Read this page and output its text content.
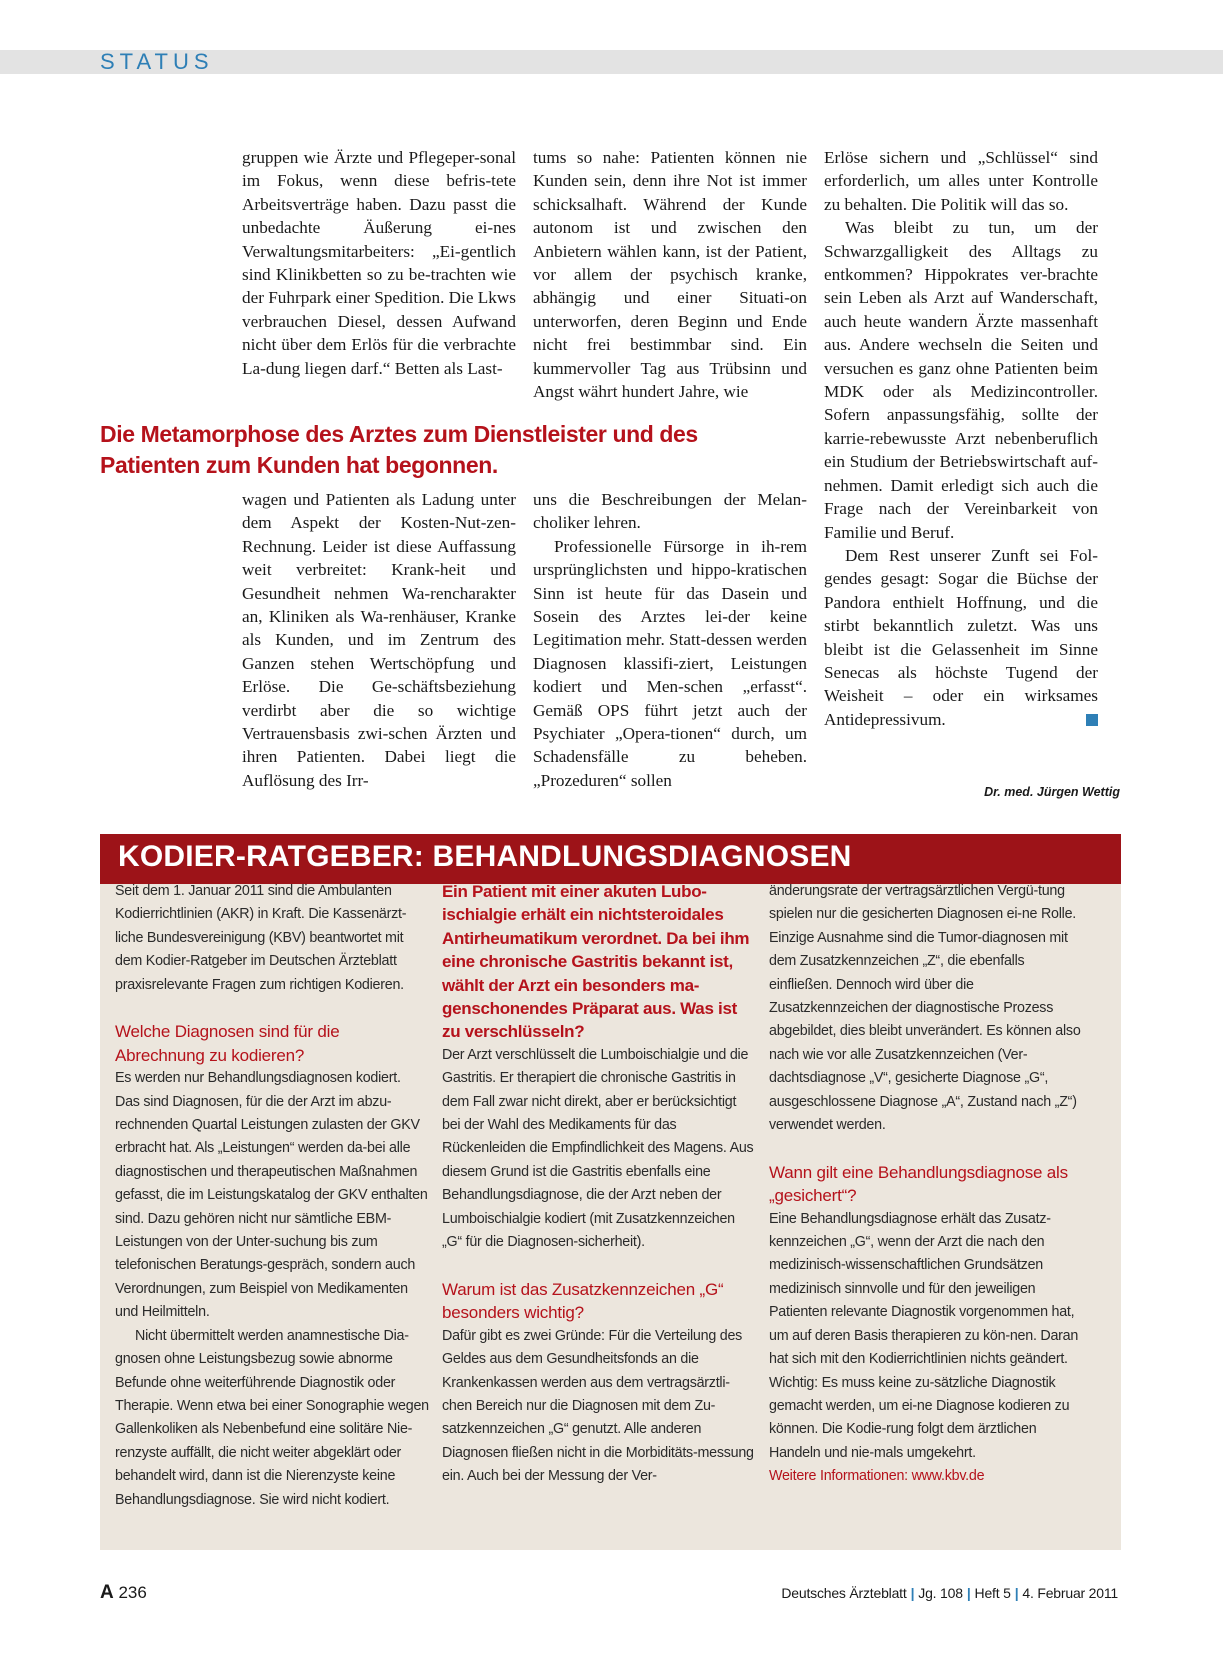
STATUS

gruppen wie Ärzte und Pflegeper-sonal im Fokus, wenn diese befris-tete Arbeitsverträge haben. Dazu passt die unbedachte Äußerung ei-nes Verwaltungsmitarbeiters: „Ei-gentlich sind Klinikbetten so zu be-trachten wie der Fuhrpark einer Spedition. Die Lkws verbrauchen Diesel, dessen Aufwand nicht über dem Erlös für die verbrachte La-dung liegen darf.“ Betten als Last-

tums so nahe: Patienten können nie Kunden sein, denn ihre Not ist immer schicksalhaft. Während der Kunde autonom ist und zwischen den Anbietern wählen kann, ist der Patient, vor allem der psychisch kranke, abhängig und einer Situati-on unterworfen, deren Beginn und Ende nicht frei bestimmbar sind. Ein kummervoller Tag aus Trübsinn und Angst währt hundert Jahre, wie

Die Metamorphose des Arztes zum Dienstleister und des Patienten zum Kunden hat begonnen.

wagen und Patienten als Ladung unter dem Aspekt der Kosten-Nut-zen-Rechnung. Leider ist diese Auffassung weit verbreitet: Krank-heit und Gesundheit nehmen Wa-rencharakter an, Kliniken als Wa-renhäuser, Kranke als Kunden, und im Zentrum des Ganzen stehen Wertschöpfung und Erlöse. Die Ge-schäftsbeziehung verdirbt aber die so wichtige Vertrauensbasis zwi-schen Ärzten und ihren Patienten. Dabei liegt die Auflösung des Irr-

uns die Beschreibungen der Melan-choliker lehren.

Professionelle Fürsorge in ih-rem ursprünglichsten und hippo-kratischen Sinn ist heute für das Dasein und Sosein des Arztes lei-der keine Legitimation mehr. Statt-dessen werden Diagnosen klassifi-ziert, Leistungen kodiert und Men-schen „erfasst“. Gemäß OPS führt jetzt auch der Psychiater „Opera-tionen“ durch, um Schadensfälle zu beheben. „Prozeduren“ sollen

Erlöse sichern und „Schlüssel“ sind erforderlich, um alles unter Kontrolle zu behalten. Die Politik will das so.

Was bleibt zu tun, um der Schwarzgalligkeit des Alltags zu entkommen? Hippokrates ver-brachte sein Leben als Arzt auf Wanderschaft, auch heute wandern Ärzte massenhaft aus. Andere wechseln die Seiten und versuchen es ganz ohne Patienten beim MDK oder als Medizincontroller. Sofern anpassungsfähig, sollte der karrie-rebewusste Arzt nebenberuflich ein Studium der Betriebswirtschaft auf-nehmen. Damit erledigt sich auch die Frage nach der Vereinbarkeit von Familie und Beruf.

Dem Rest unserer Zunft sei Fol-gendes gesagt: Sogar die Büchse der Pandora enthielt Hoffnung, und die stirbt bekanntlich zuletzt. Was uns bleibt ist die Gelassenheit im Sinne Senecas als höchste Tugend der Weisheit – oder ein wirksames Antidepressivum.

Dr. med. Jürgen Wettig
KODIER-RATGEBER: BEHANDLUNGSDIAGNOSEN

Seit dem 1. Januar 2011 sind die Ambulanten Kodierrichtlinien (AKR) in Kraft. Die Kassenärzt-liche Bundesvereinigung (KBV) beantwortet mit dem Kodier-Ratgeber im Deutschen Ärzteblatt praxisrelevante Fragen zum richtigen Kodieren.

Welche Diagnosen sind für die Abrechnung zu kodieren?

Es werden nur Behandlungsdiagnosen kodiert. Das sind Diagnosen, für die der Arzt im abzu-rechnenden Quartal Leistungen zulasten der GKV erbracht hat. Als „Leistungen“ werden da-bei alle diagnostischen und therapeutischen Maßnahmen gefasst, die im Leistungskatalog der GKV enthalten sind. Dazu gehören nicht nur sämtliche EBM-Leistungen von der Unter-suchung bis zum telefonischen Beratungs-gespräch, sondern auch Verordnungen, zum Beispiel von Medikamenten und Heilmitteln.

Nicht übermittelt werden anamnestische Dia-gnosen ohne Leistungsbezug sowie abnorme Befunde ohne weiterführende Diagnostik oder Therapie. Wenn etwa bei einer Sonographie wegen Gallenkoliken als Nebenbefund eine solitäre Nie-renzyste auffällt, die nicht weiter abgeklärt oder behandelt wird, dann ist die Nierenzyste keine Behandlungsdiagnose. Sie wird nicht kodiert.

Ein Patient mit einer akuten Lubo-ischialgie erhält ein nichtsteroidales Antirheumatikum verordnet. Da bei ihm eine chronische Gastritis bekannt ist, wählt der Arzt ein besonders ma-genschonendes Präparat aus. Was ist zu verschlüsseln?

Der Arzt verschlüsselt die Lumboischialgie und die Gastritis. Er therapiert die chronische Gastritis in dem Fall zwar nicht direkt, aber er berücksichtigt bei der Wahl des Medikaments für das Rückenleiden die Empfindlichkeit des Magens. Aus diesem Grund ist die Gastritis ebenfalls eine Behandlungsdiagnose, die der Arzt neben der Lumboischialgie kodiert (mit Zusatzkennzeichen „G“ für die Diagnosen-sicherheit).

Warum ist das Zusatzkennzeichen „G“ besonders wichtig?

Dafür gibt es zwei Gründe: Für die Verteilung des Geldes aus dem Gesundheitsfonds an die Krankenkassen werden aus dem vertragsärztli-chen Bereich nur die Diagnosen mit dem Zu-satzkennzeichen „G“ genutzt. Alle anderen Diagnosen fließen nicht in die Morbiditäts-messung ein. Auch bei der Messung der Ver-

änderungsrate der vertragsärztlichen Vergü-tung spielen nur die gesicherten Diagnosen ei-ne Rolle. Einzige Ausnahme sind die Tumor-diagnosen mit dem Zusatzkennzeichen „Z“, die ebenfalls einfließen. Dennoch wird über die Zusatzkennzeichen der diagnostische Prozess abgebildet, dies bleibt unverändert. Es können also nach wie vor alle Zusatzkennzeichen (Ver-dachtsdiagnose „V“, gesicherte Diagnose „G“, ausgeschlossene Diagnose „A“, Zustand nach „Z“) verwendet werden.

Wann gilt eine Behandlungsdiagnose als „gesichert“?

Eine Behandlungsdiagnose erhält das Zusatz-kennzeichen „G“, wenn der Arzt die nach den medizinisch-wissenschaftlichen Grundsätzen medizinisch sinnvolle und für den jeweiligen Patienten relevante Diagnostik vorgenommen hat, um auf deren Basis therapieren zu kön-nen. Daran hat sich mit den Kodierrichtlinien nichts geändert. Wichtig: Es muss keine zu-sätzliche Diagnostik gemacht werden, um ei-ne Diagnose kodieren zu können. Die Kodie-rung folgt dem ärztlichen Handeln und nie-mals umgekehrt.

Weitere Informationen: www.kbv.de

A 236	Deutsches Ärzteblatt | Jg. 108 | Heft 5 | 4. Februar 2011
